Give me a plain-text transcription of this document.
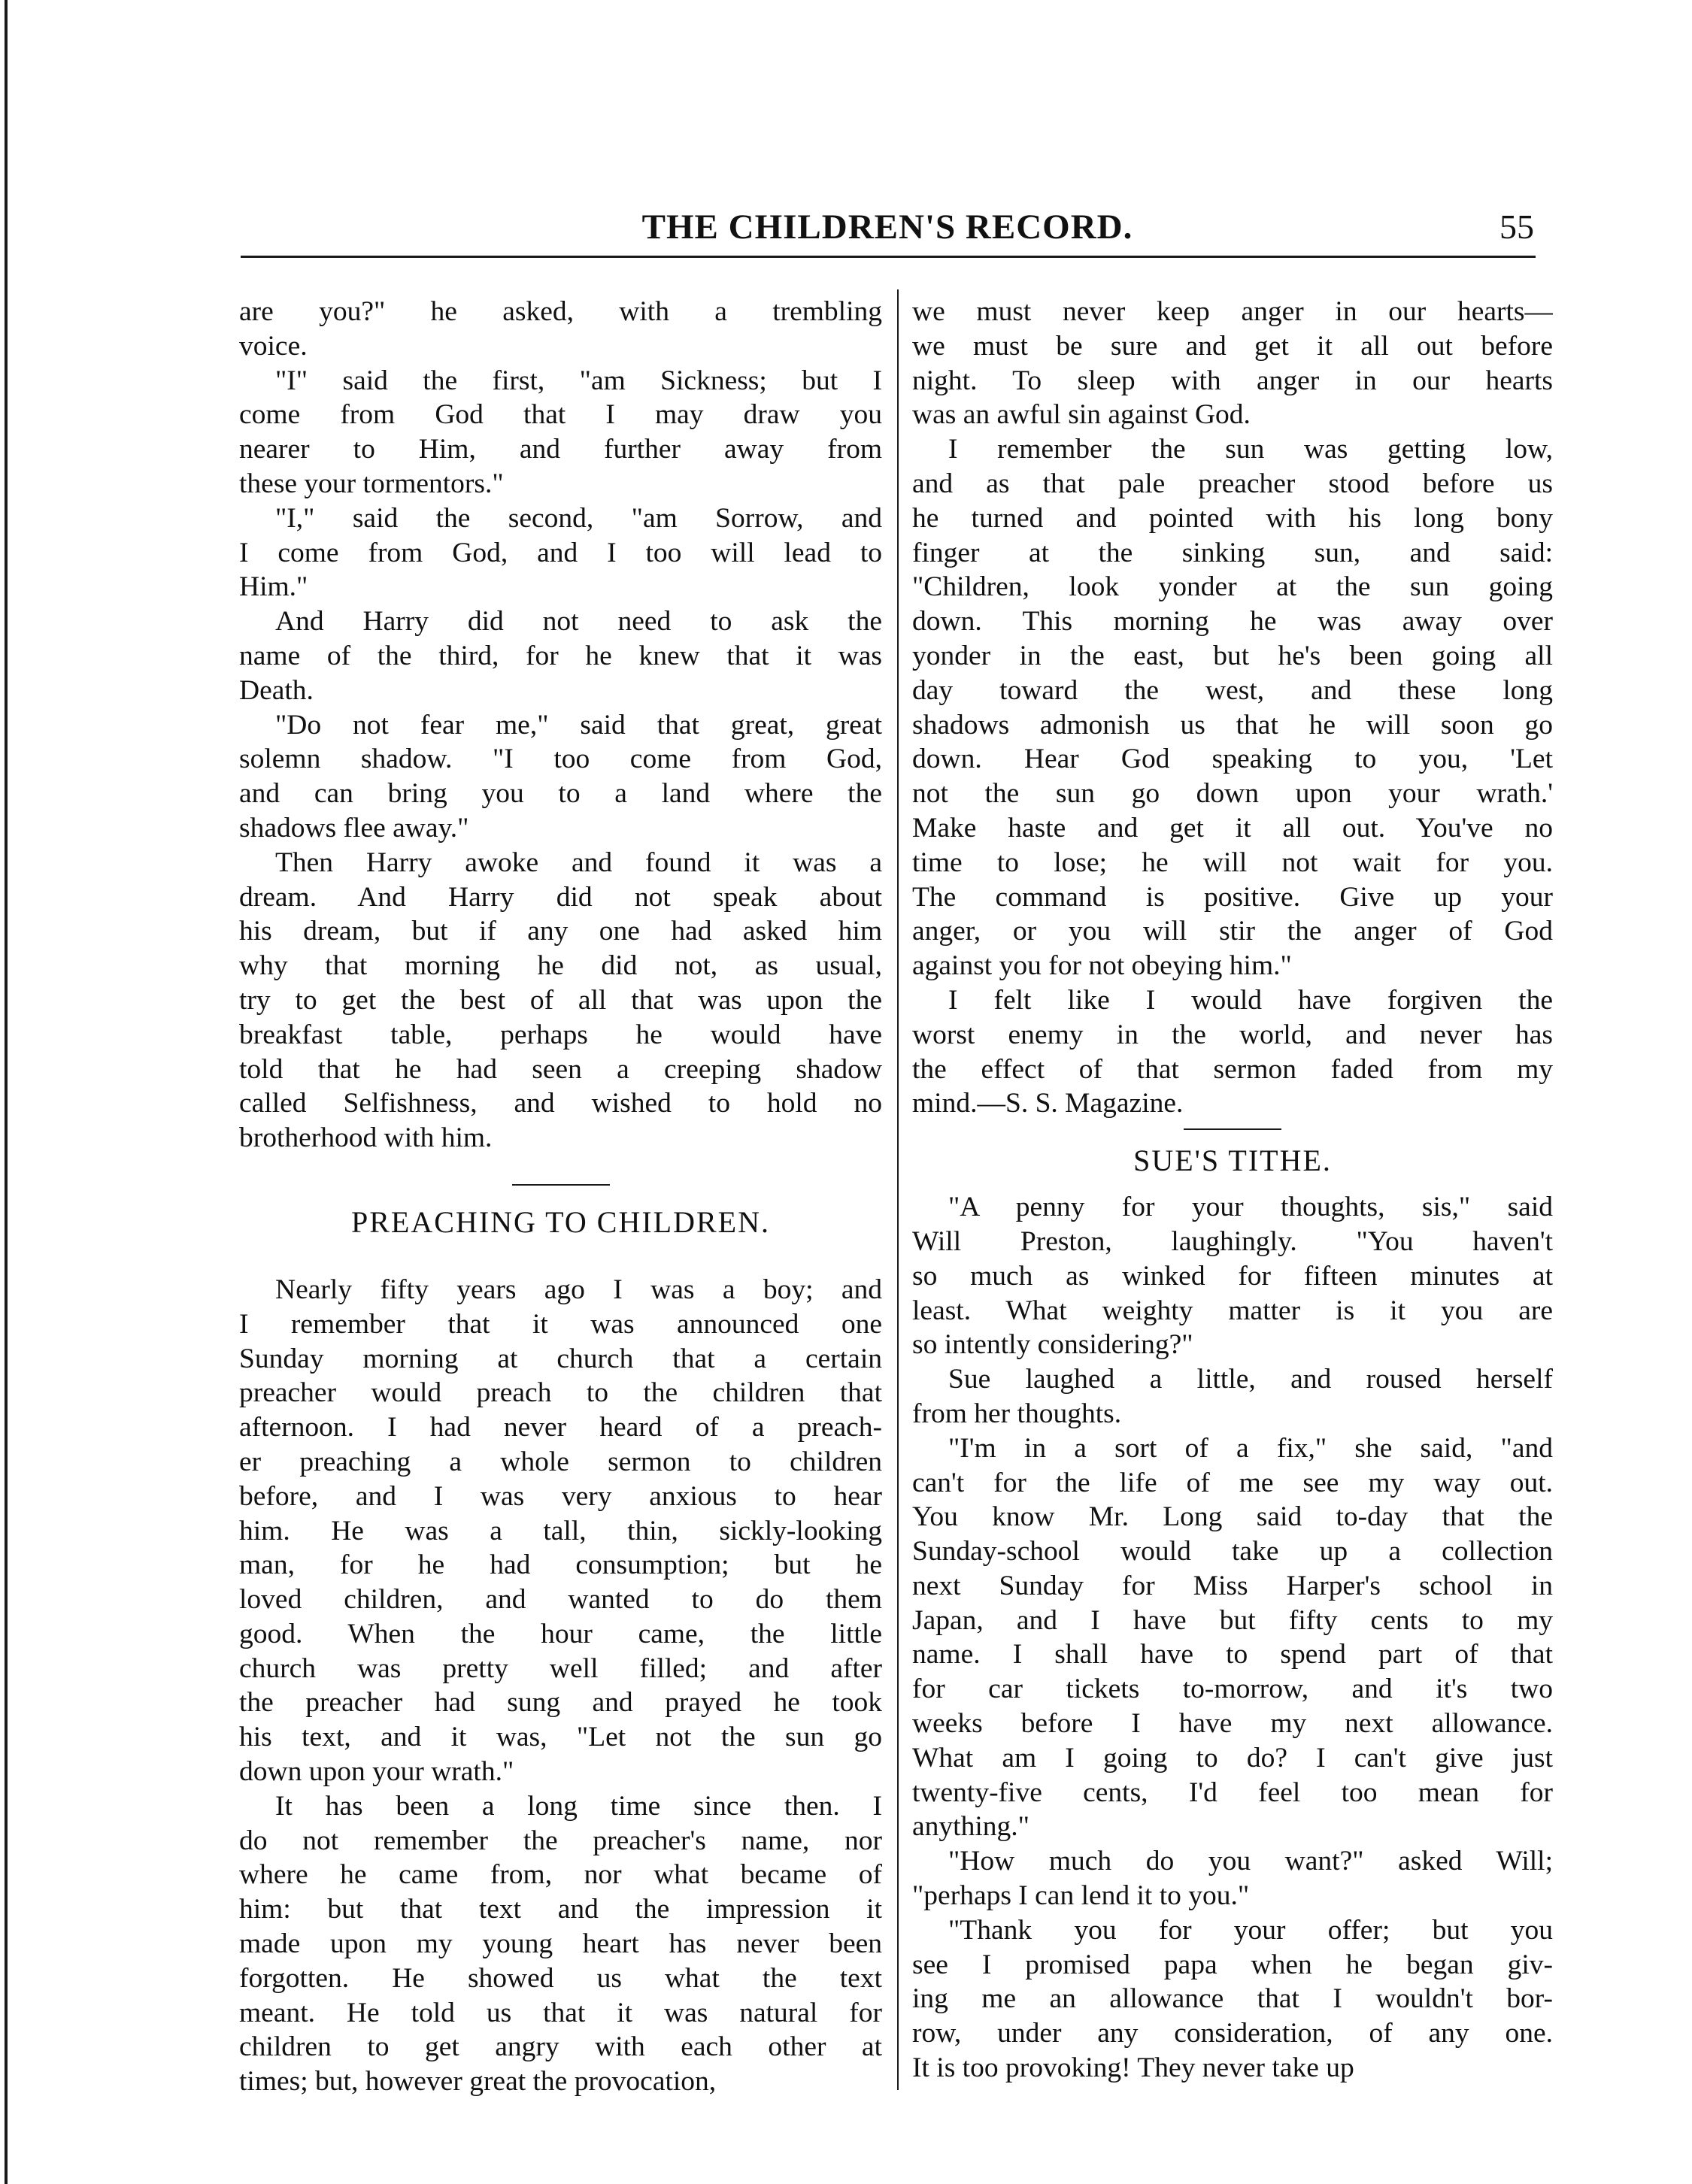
THE CHILDREN'S RECORD.	55
are you?" he asked, with a trembling
voice.
"I" said the first, "am Sickness; but I
come from God that I may draw you
nearer to Him, and further away from
these your tormentors."
"I," said the second, "am Sorrow, and
I come from God, and I too will lead to
Him."
And Harry did not need to ask the
name of the third, for he knew that it was
Death.
"Do not fear me," said that great, great
solemn shadow. "I too come from God,
and can bring you to a land where the
shadows flee away."
Then Harry awoke and found it was a
dream. And Harry did not speak about
his dream, but if any one had asked him
why that morning he did not, as usual,
try to get the best of all that was upon the
breakfast table, perhaps he would have
told that he had seen a creeping shadow
called Selfishness, and wished to hold no
brotherhood with him.
PREACHING TO CHILDREN.
Nearly fifty years ago I was a boy; and
I remember that it was announced one
Sunday morning at church that a certain
preacher would preach to the children that
afternoon. I had never heard of a preach-
er preaching a whole sermon to children
before, and I was very anxious to hear
him. He was a tall, thin, sickly-looking
man, for he had consumption; but he
loved children, and wanted to do them
good. When the hour came, the little
church was pretty well filled; and after
the preacher had sung and prayed he took
his text, and it was, "Let not the sun go
down upon your wrath."
It has been a long time since then. I
do not remember the preacher's name, nor
where he came from, nor what became of
him: but that text and the impression it
made upon my young heart has never been
forgotten. He showed us what the text
meant. He told us that it was natural for
children to get angry with each other at
times; but, however great the provocation,
we must never keep anger in our hearts—
we must be sure and get it all out before
night. To sleep with anger in our hearts
was an awful sin against God.
I remember the sun was getting low,
and as that pale preacher stood before us
he turned and pointed with his long bony
finger at the sinking sun, and said:
"Children, look yonder at the sun going
down. This morning he was away over
yonder in the east, but he's been going all
day toward the west, and these long
shadows admonish us that he will soon go
down. Hear God speaking to you, 'Let
not the sun go down upon your wrath.'
Make haste and get it all out. You've no
time to lose; he will not wait for you.
The command is positive. Give up your
anger, or you will stir the anger of God
against you for not obeying him."
I felt like I would have forgiven the
worst enemy in the world, and never has
the effect of that sermon faded from my
mind.—S. S. Magazine.
SUE'S TITHE.
"A penny for your thoughts, sis," said
Will Preston, laughingly. "You haven't
so much as winked for fifteen minutes at
least. What weighty matter is it you are
so intently considering?"
Sue laughed a little, and roused herself
from her thoughts.
"I'm in a sort of a fix," she said, "and
can't for the life of me see my way out.
You know Mr. Long said to-day that the
Sunday-school would take up a collection
next Sunday for Miss Harper's school in
Japan, and I have but fifty cents to my
name. I shall have to spend part of that
for car tickets to-morrow, and it's two
weeks before I have my next allowance.
What am I going to do? I can't give just
twenty-five cents, I'd feel too mean for
anything."
"How much do you want?" asked Will;
"perhaps I can lend it to you."
"Thank you for your offer; but you
see I promised papa when he began giv-
ing me an allowance that I wouldn't bor-
row, under any consideration, of any one.
It is too provoking! They never take up
